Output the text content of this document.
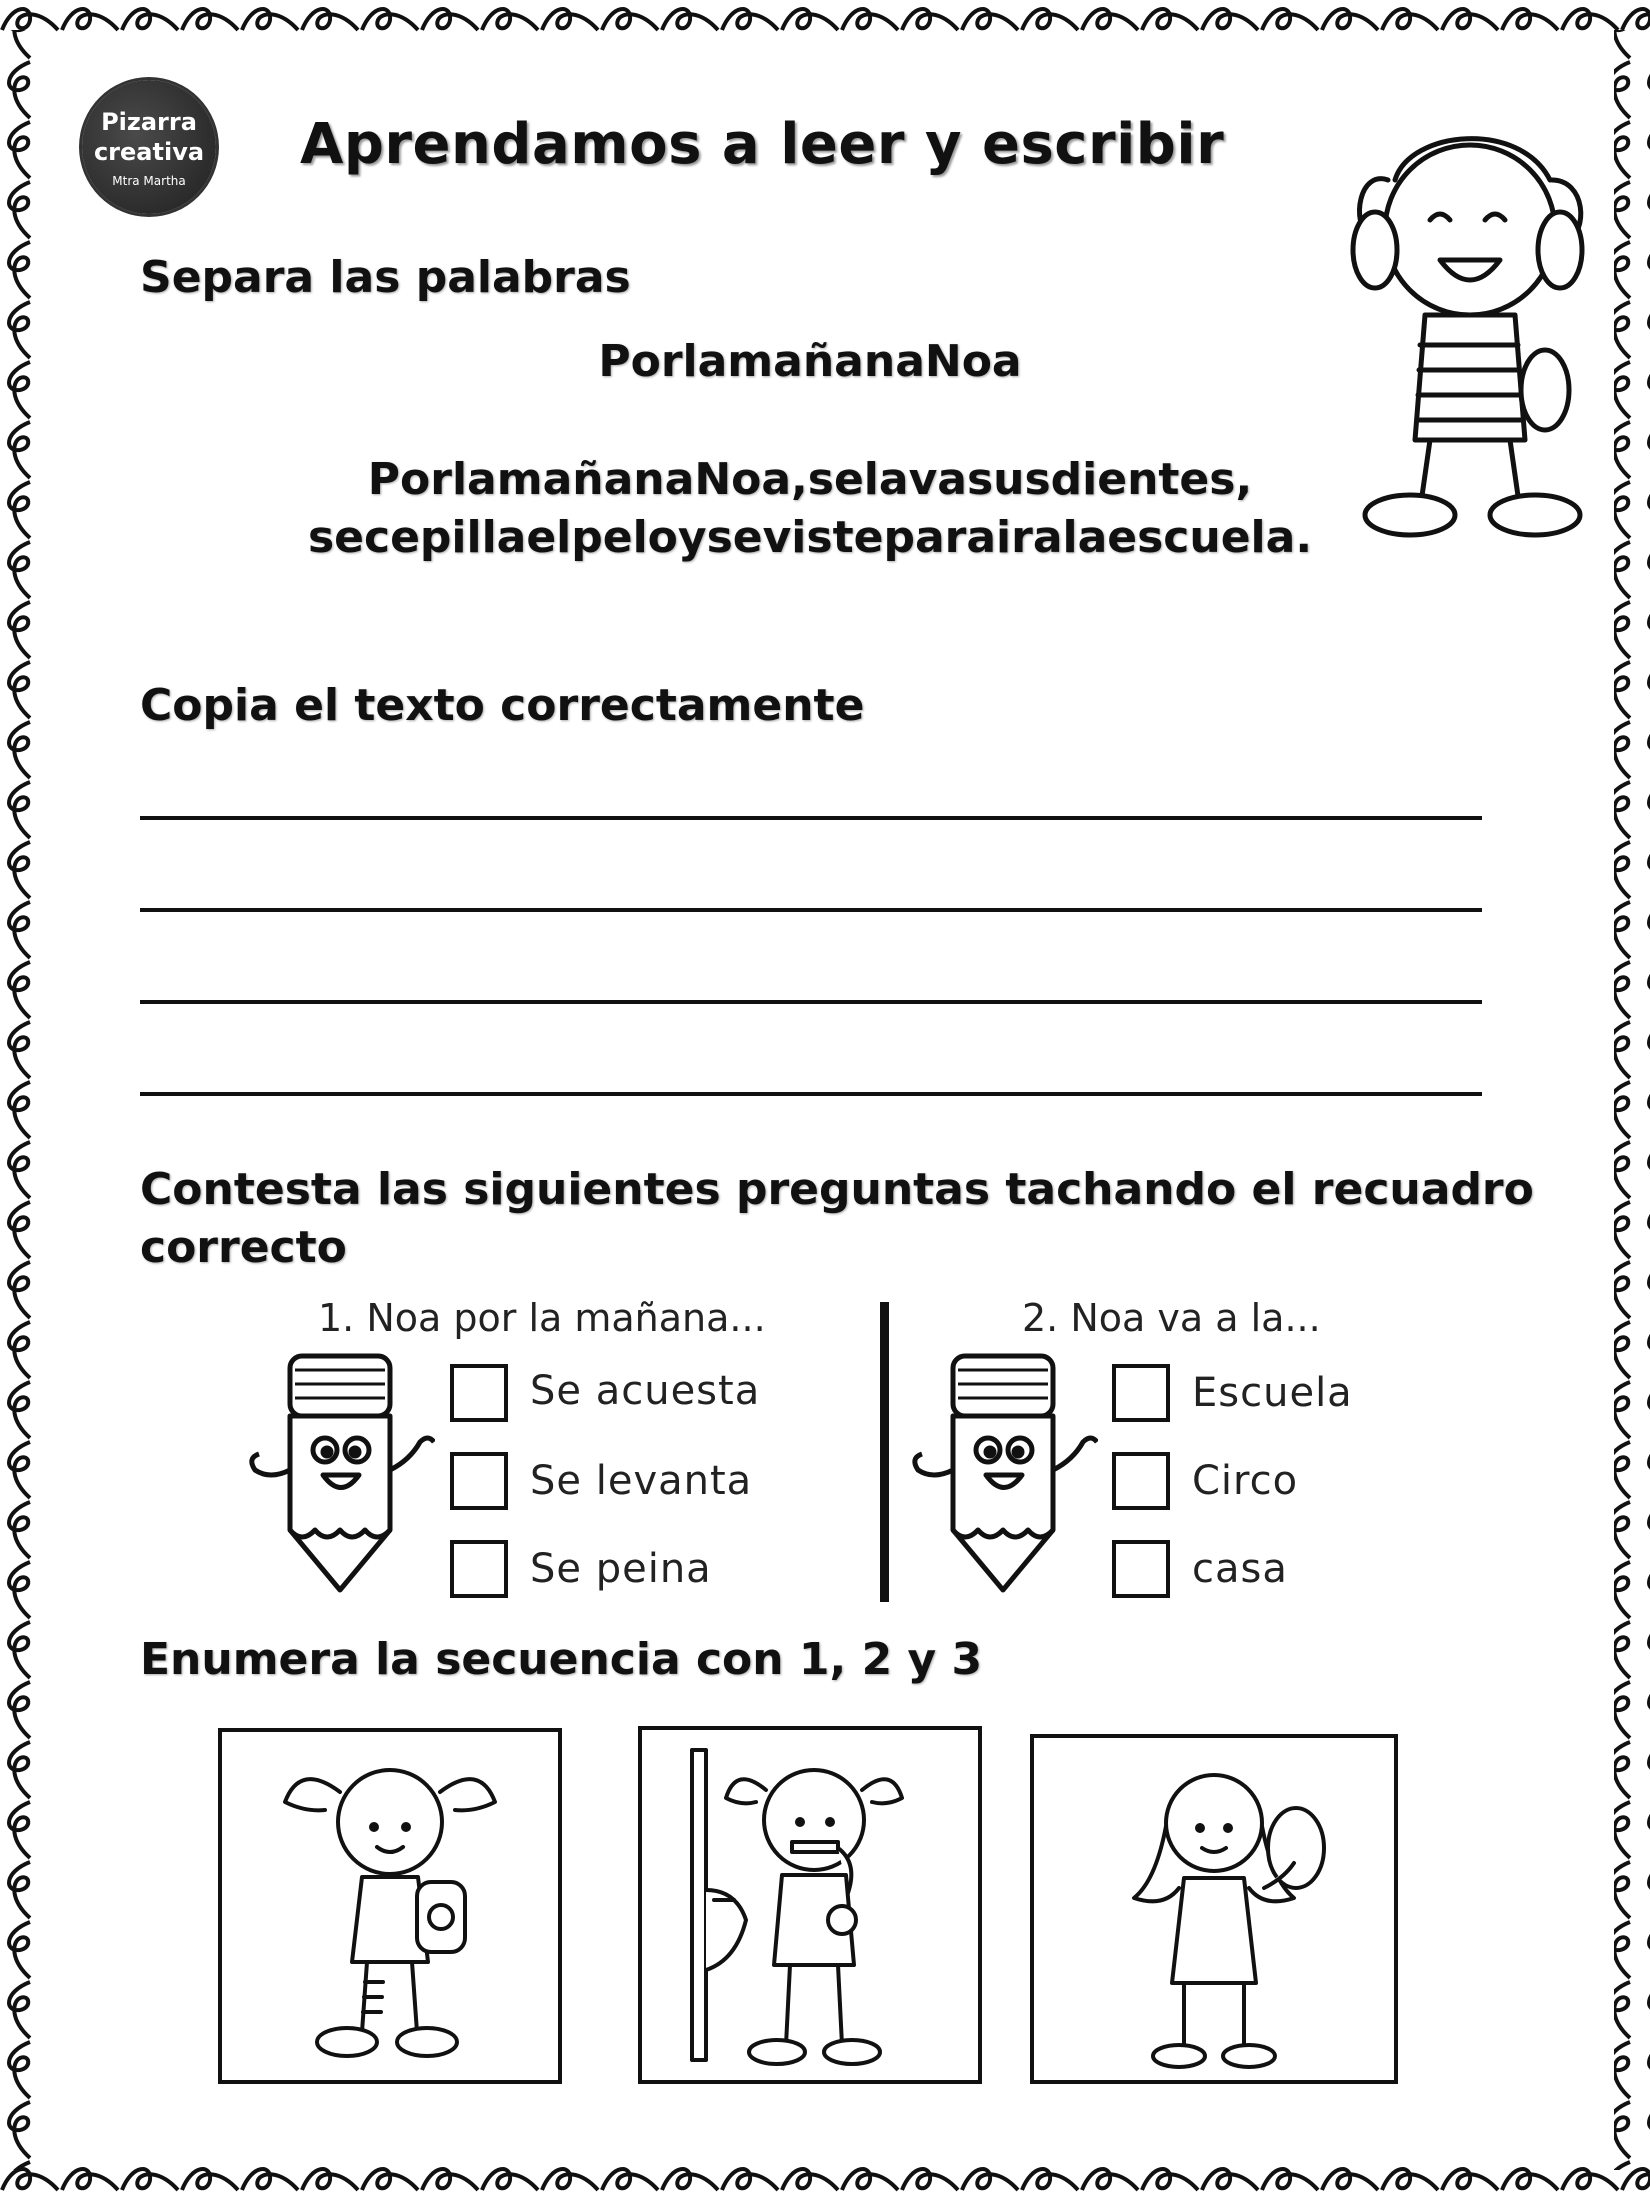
Pizarra
creativa
Mtra Martha
Aprendamos a leer y escribir
Separa las palabras
PorlamañanaNoa
PorlamañanaNoa,selavasusdientes,
secepillaelpeloysevisteparairalaescuela.
Copia el texto correctamente
Contesta las siguientes preguntas tachando el recuadro
correcto
1. Noa por la mañana...
Se acuesta
Se levanta
Se peina
2. Noa va a la...
Escuela
Circo
casa
Enumera la secuencia con 1, 2 y 3
